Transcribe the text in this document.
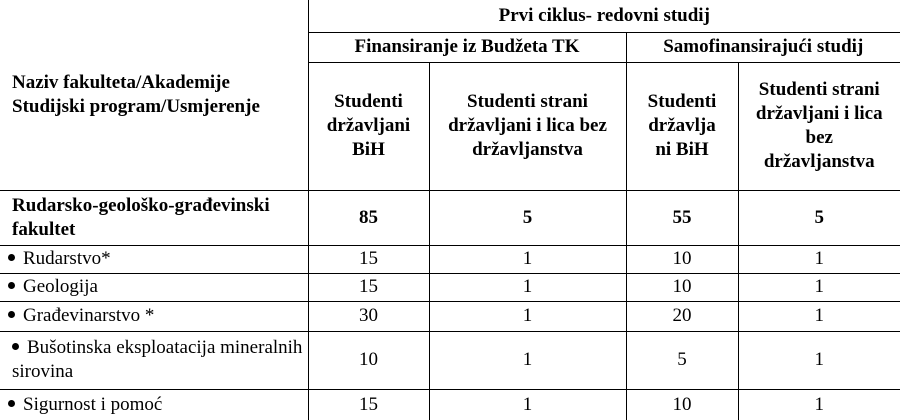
Naziv fakulteta/Akademije Studijski program/Usmjerenje	Prvi ciklus- redovni studij			
	Finansiranje iz Budžeta TK		Samofinansirajući studij	
	Studenti državljani BiH	Studenti strani državljani i lica bez državljanstva	Studenti državlja ni BiH	Studenti strani državljani i lica bez državljanstva
Rudarsko-geološko-građevinski fakultet	85	5	55	5
Rudarstvo*	15	1	10	1
Geologija	15	1	10	1
Građevinarstvo *	30	1	20	1
Bušotinska eksploatacija mineralnih sirovina	10	1	5	1
Sigurnost i pomoć	15	1	10	1
